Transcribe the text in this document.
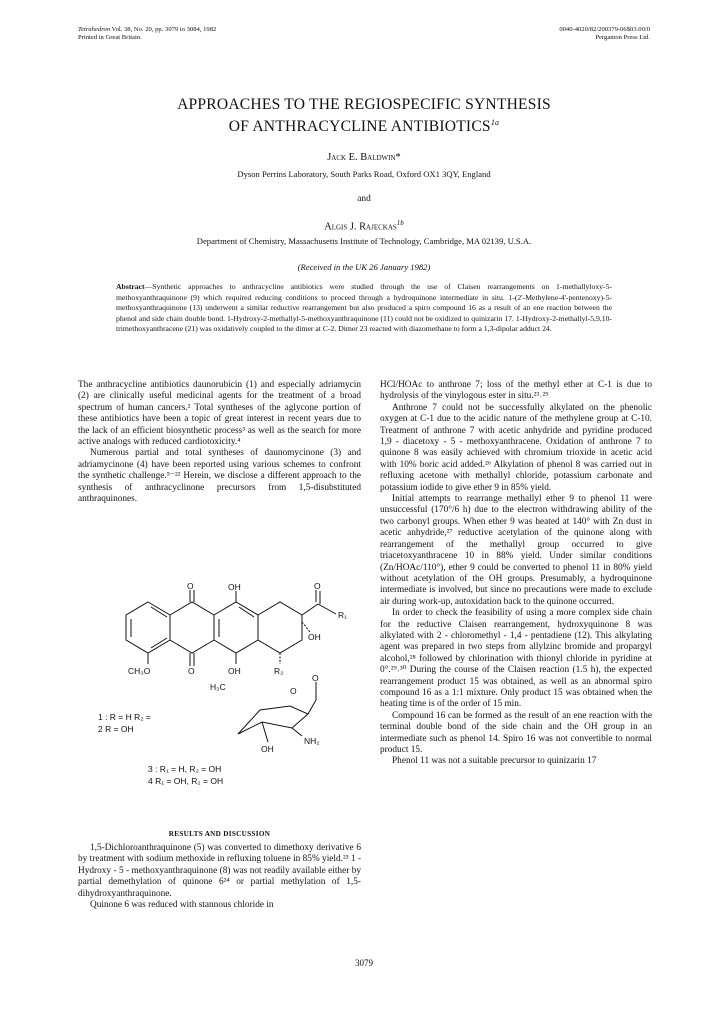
Tetrahedron Vol. 38, No. 20, pp. 3079 to 3084, 1982
Printed in Great Britain.
0040-4020/82/200379-06$03.00/0
Pergamon Press Ltd.
APPROACHES TO THE REGIOSPECIFIC SYNTHESIS
OF ANTHRACYCLINE $ANTIBIOTICS^{1a}$
Jack E. Baldwin*
Dyson Perrins Laboratory, South Parks Road, Oxford OX1 3QY, England
and
Algis J. Rajeckas$^{1b}$
Department of Chemistry, Massachusetts Institute of Technology, Cambridge, MA 02139, U.S.A.
(Received in the UK 26 January 1982)
Abstract—Synthetic approaches to anthracycline antibiotics were studied through the use of Claisen rearrangements on 1-methallyloxy-5-methoxyanthraquinone (9) which required reducing conditions to proceed through a hydroquinone intermediate in situ. 1-(2'-Methylene-4'-pentenoxy)-5-methoxyanthraquinone (13) underwent a similar reductive rearrangement but also produced a spiro compound 16 as a result of an ene reaction between the phenol and side chain double bond. 1-Hydroxy-2-methallyl-5-methoxyanthraquinone (11) could not be oxidized to quinizarin 17. 1-Hydroxy-2-methallyl-5,9,10-trimethoxyanthracene (21) was oxidatively coupled to the dimer at C-2. Dimer 23 reacted with diazomethane to form a 1,3-dipolar adduct 24.

The anthracycline antibiotics daunorubicin (1) and especially adriamycin (2) are clinically useful medicinal agents for the treatment of a broad spectrum of human cancers.² Total syntheses of the aglycone portion of these antibiotics have been a topic of great interest in recent years due to the lack of an efficient biosynthetic process³ as well as the search for more active analogs with reduced cardiotoxicity.⁴

Numerous partial and total syntheses of daunomycinone (3) and adriamycinone (4) have been reported using various schemes to confront the synthetic challenge.⁵⁻²² Herein, we disclose a different approach to the synthesis of anthracyclinone precursors from 1,5-disubstituted anthraquinones.

O	OH	O
R₁
OH
CH₃O	O	OH	R₂
O
H₃C	O
NH₂
OH
1 : R = H R₂ =
2 R = OH
3 : R₁ = H, R₂ = OH
4 R₁ = OH, R₂ = OH
RESULTS AND DISCUSSION

1,5-Dichloroanthraquinone (5) was converted to dimethoxy derivative 6 by treatment with sodium methoxide in refluxing toluene in 85% yield.²³ 1 - Hydroxy - 5 - methoxyanthraquinone (8) was not readily available either by partial demethylation of quinone 6²⁴ or partial methylation of 1,5-dihydroxyanthraquinone.

Quinone 6 was reduced with stannous chloride in

HCl/HOAc to anthrone 7; loss of the methyl ether at C-1 is due to hydrolysis of the vinylogous ester in situ.²³˒²⁵

Anthrone 7 could not be successfully alkylated on the phenolic oxygen at C-1 due to the acidic nature of the methylene group at C-10. Treatment of anthrone 7 with acetic anhydride and pyridine produced 1,9 - diacetoxy - 5 - methoxyanthracene. Oxidation of anthrone 7 to quinone 8 was easily achieved with chromium trioxide in acetic acid with 10% boric acid added.²⁶ Alkylation of phenol 8 was carried out in refluxing acetone with methallyl chloride, potassium carbonate and potassium iodide to give ether 9 in 85% yield.

Initial attempts to rearrange methallyl ether 9 to phenol 11 were unsuccessful (170°/6 h) due to the electron withdrawing ability of the two carbonyl groups. When ether 9 was heated at 140° with Zn dust in acetic anhydride,²⁷ reductive acetylation of the quinone along with rearrangement of the methallyl group occurred to give triacetoxyanthracene 10 in 88% yield. Under similar conditions (Zn/HOAc/110°), ether 9 could be converted to phenol 11 in 80% yield without acetylation of the OH groups. Presumably, a hydroquinone intermediate is involved, but since no precautions were made to exclude air during work-up, autoxidation back to the quinone occurred.

In order to check the feasibility of using a more complex side chain for the reductive Claisen rearrangement, hydroxyquinone 8 was alkylated with 2 - chloromethyl - 1,4 - pentadiene (12). This alkylating agent was prepared in two steps from allylzinc bromide and propargyl alcohol,²⁸ followed by chlorination with thionyl chloride in pyridine at 0°.²⁹˒³⁰ During the course of the Claisen reaction (1.5 h), the expected rearrangement product 15 was obtained, as well as an abnormal spiro compound 16 as a 1:1 mixture. Only product 15 was obtained when the heating time is of the order of 15 min.

Compound 16 can be formed as the result of an ene reaction with the terminal double bond of the side chain and the OH group in an intermediate such as phenol 14. Spiro 16 was not convertible to normal product 15.

Phenol 11 was not a suitable precursor to quinizarin 17

3079
